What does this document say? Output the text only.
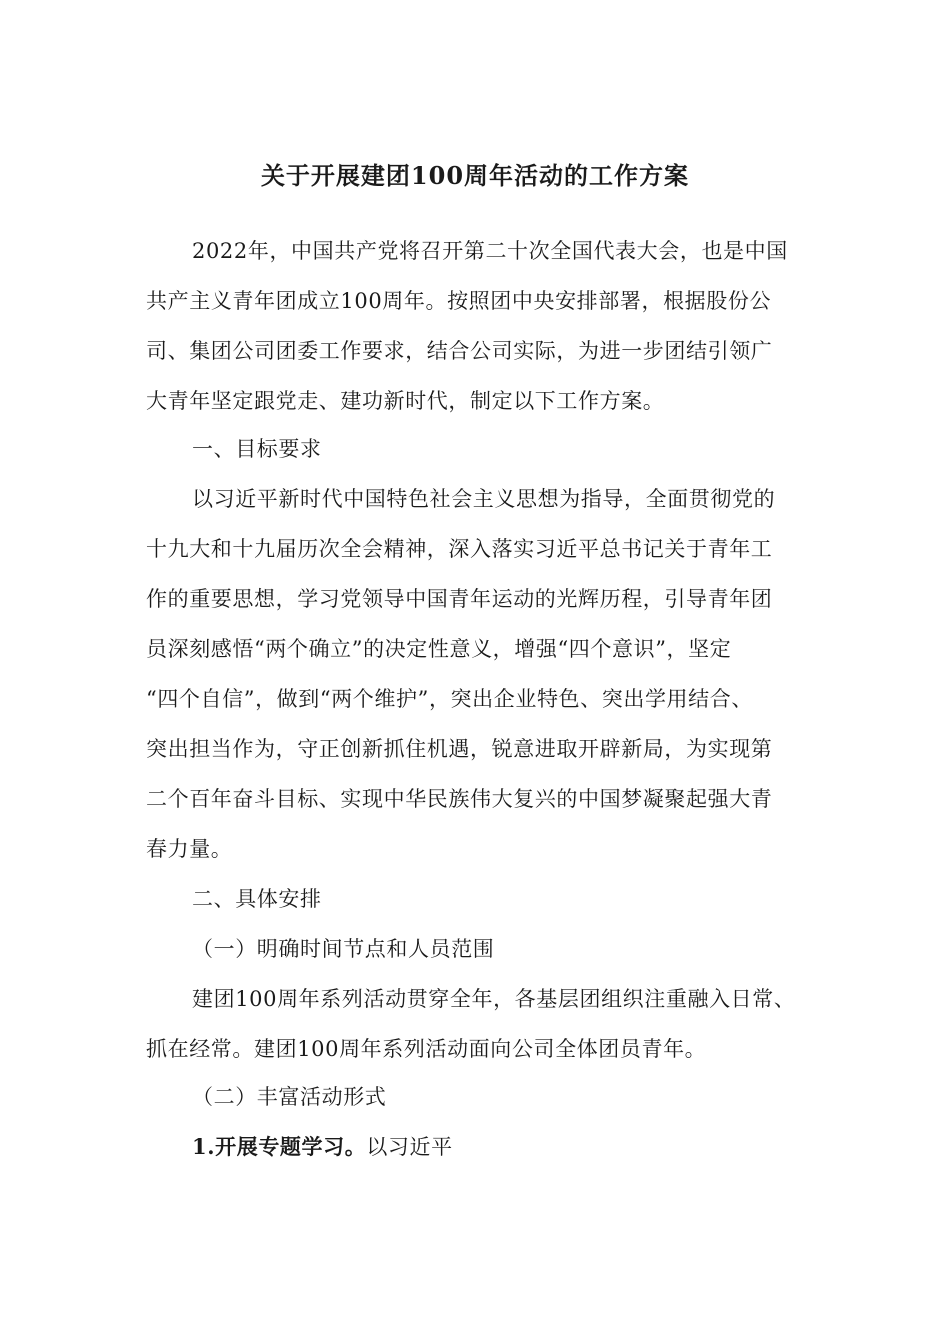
关于开展建团100周年活动的工作方案
2022年，中国共产党将召开第二十次全国代表大会，也是中国
共产主义青年团成立100周年。按照团中央安排部署，根据股份公
司、集团公司团委工作要求，结合公司实际，为进一步团结引领广
大青年坚定跟党走、建功新时代，制定以下工作方案。
一、目标要求
以习近平新时代中国特色社会主义思想为指导，全面贯彻党的
十九大和十九届历次全会精神，深入落实习近平总书记关于青年工
作的重要思想，学习党领导中国青年运动的光辉历程，引导青年团
员深刻感悟“两个确立”的决定性意义，增强“四个意识”，坚定
“四个自信”，做到“两个维护”，突出企业特色、突出学用结合、
突出担当作为，守正创新抓住机遇，锐意进取开辟新局，为实现第
二个百年奋斗目标、实现中华民族伟大复兴的中国梦凝聚起强大青
春力量。
二、具体安排
（一）明确时间节点和人员范围
建团100周年系列活动贯穿全年，各基层团组织注重融入日常、
抓在经常。建团100周年系列活动面向公司全体团员青年。
（二）丰富活动形式
1.开展专题学习。以习近平
